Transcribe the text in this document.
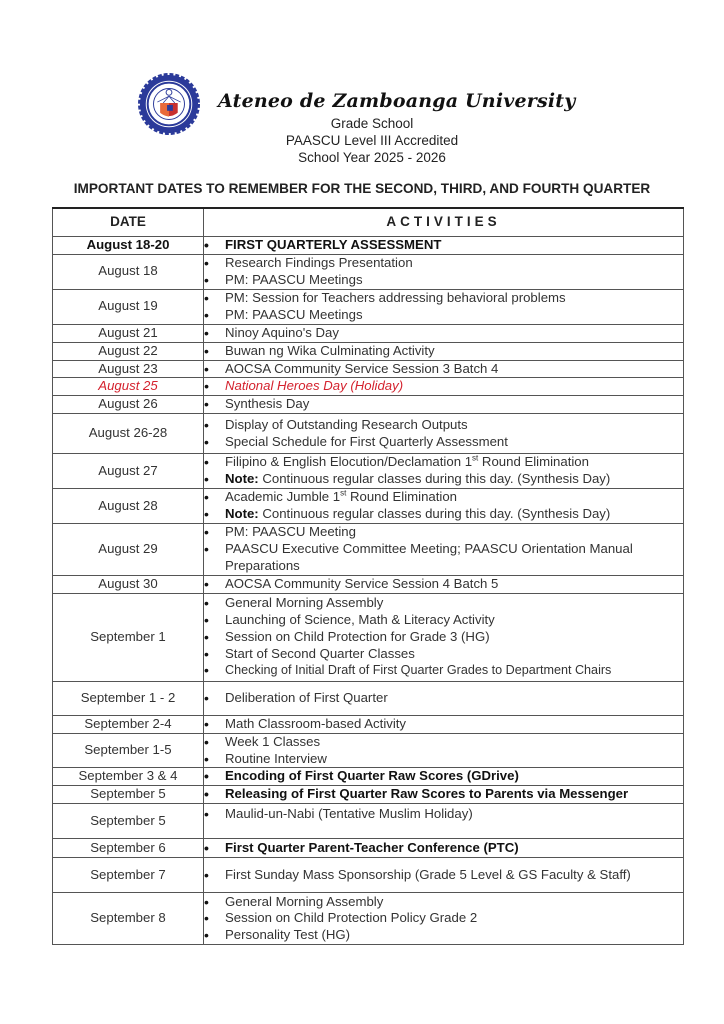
Ateneo de Zamboanga University
Grade School
PAASCU Level III Accredited
School Year 2025 - 2026
IMPORTANT DATES TO REMEMBER FOR THE SECOND, THIRD, AND FOURTH QUARTER
DATE	ACTIVITIES
August 18-20	
•FIRST QUARTERLY ASSESSMENT

August 18	
• Research Findings Presentation
• PM: PAASCU Meetings

August 19	
• PM: Session for Teachers addressing behavioral problems
• PM: PAASCU Meetings

August 21	
•Ninoy Aquino's Day

August 22	
•Buwan ng Wika Culminating Activity

August 23	
•AOCSA Community Service Session 3 Batch 4

August 25	
•National Heroes Day (Holiday)

August 26	
•Synthesis Day

August 26-28	
• Display of Outstanding Research Outputs
• Special Schedule for First Quarterly Assessment

August 27	
• Filipino & English Elocution/Declamation 1st Round Elimination
• Note: Continuous regular classes during this day. (Synthesis Day)

August 28	
• Academic Jumble 1st Round Elimination
• Note: Continuous regular classes during this day. (Synthesis Day)

August 29	
• PM: PAASCU Meeting
• PAASCU Executive Committee Meeting; PAASCU Orientation Manual Preparations

August 30	
•AOCSA Community Service Session 4 Batch 5

September 1	
• General Morning Assembly
• Launching of Science, Math & Literacy Activity
• Session on Child Protection for Grade 3 (HG)
• Start of Second Quarter Classes
• Checking of Initial Draft of First Quarter Grades to Department Chairs

September 1 - 2	
•Deliberation of First Quarter

September 2-4	
•Math Classroom-based Activity

September 1-5	
• Week 1 Classes
• Routine Interview

September 3 & 4	
•Encoding of First Quarter Raw Scores (GDrive)

September 5	
•Releasing of First Quarter Raw Scores to Parents via Messenger

September 5	
•Maulid-un-Nabi (Tentative Muslim Holiday)

September 6	
•First Quarter Parent-Teacher Conference (PTC)

September 7	
•First Sunday Mass Sponsorship (Grade 5 Level & GS Faculty & Staff)

September 8	
• General Morning Assembly
• Session on Child Protection Policy Grade 2
• Personality Test (HG)
